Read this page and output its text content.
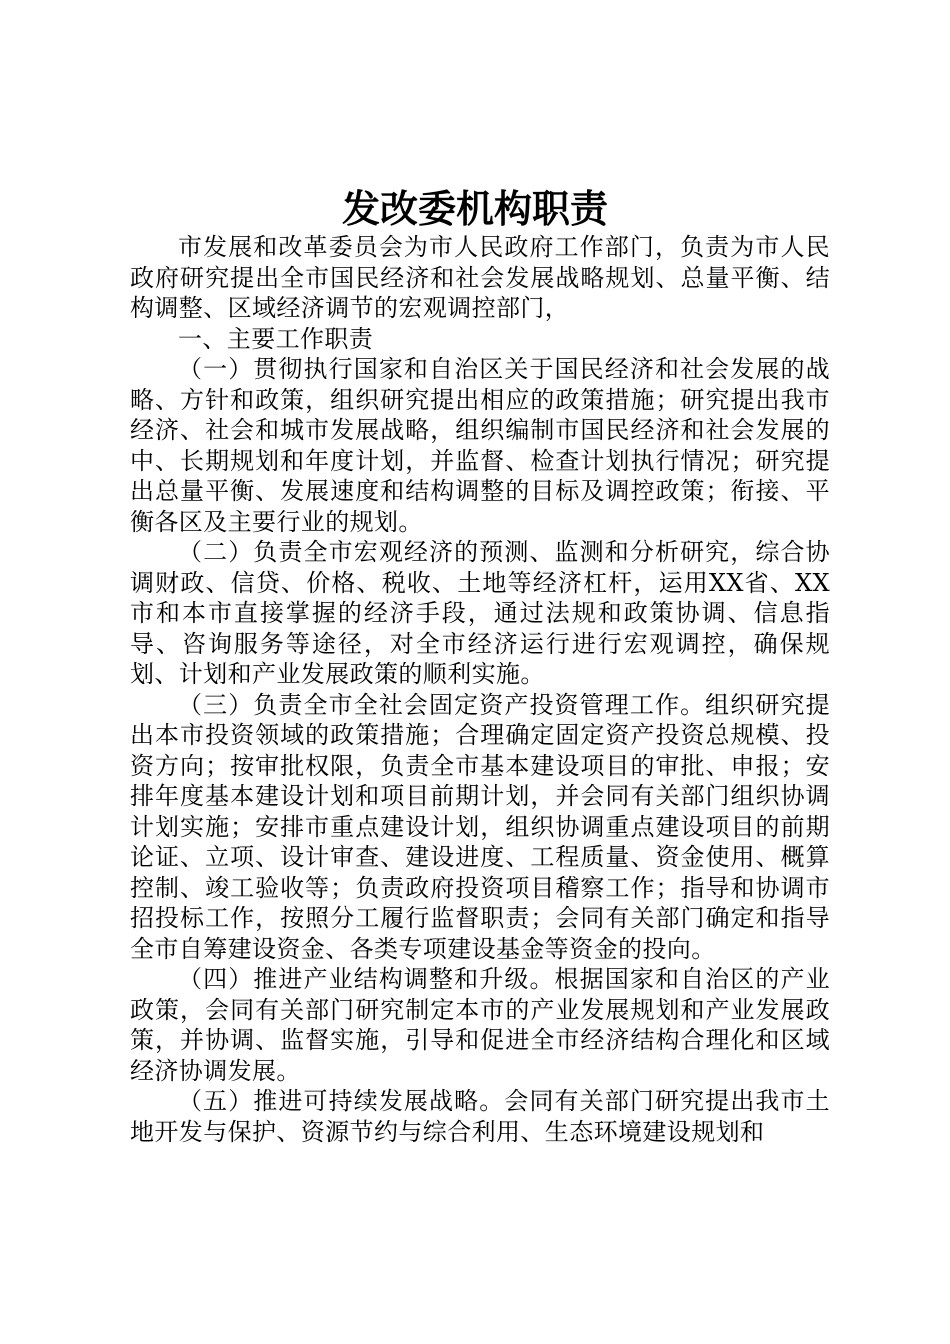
发改委机构职责

市发展和改革委员会为市人民政府工作部门，负责为市人民政府研究提出全市国民经济和社会发展战略规划、总量平衡、结构调整、区域经济调节的宏观调控部门，

一、主要工作职责

（一）贯彻执行国家和自治区关于国民经济和社会发展的战略、方针和政策，组织研究提出相应的政策措施；研究提出我市经济、社会和城市发展战略，组织编制市国民经济和社会发展的中、长期规划和年度计划，并监督、检查计划执行情况；研究提出总量平衡、发展速度和结构调整的目标及调控政策；衔接、平衡各区及主要行业的规划。

（二）负责全市宏观经济的预测、监测和分析研究，综合协调财政、信贷、价格、税收、土地等经济杠杆，运用XX省、XX市和本市直接掌握的经济手段，通过法规和政策协调、信息指导、咨询服务等途径，对全市经济运行进行宏观调控，确保规划、计划和产业发展政策的顺利实施。

（三）负责全市全社会固定资产投资管理工作。组织研究提出本市投资领域的政策措施；合理确定固定资产投资总规模、投资方向；按审批权限，负责全市基本建设项目的审批、申报；安排年度基本建设计划和项目前期计划，并会同有关部门组织协调计划实施；安排市重点建设计划，组织协调重点建设项目的前期论证、立项、设计审查、建设进度、工程质量、资金使用、概算控制、竣工验收等；负责政府投资项目稽察工作；指导和协调市招投标工作，按照分工履行监督职责；会同有关部门确定和指导全市自筹建设资金、各类专项建设基金等资金的投向。

（四）推进产业结构调整和升级。根据国家和自治区的产业政策，会同有关部门研究制定本市的产业发展规划和产业发展政策，并协调、监督实施，引导和促进全市经济结构合理化和区域经济协调发展。

（五）推进可持续发展战略。会同有关部门研究提出我市土地开发与保护、资源节约与综合利用、生态环境建设规划和
